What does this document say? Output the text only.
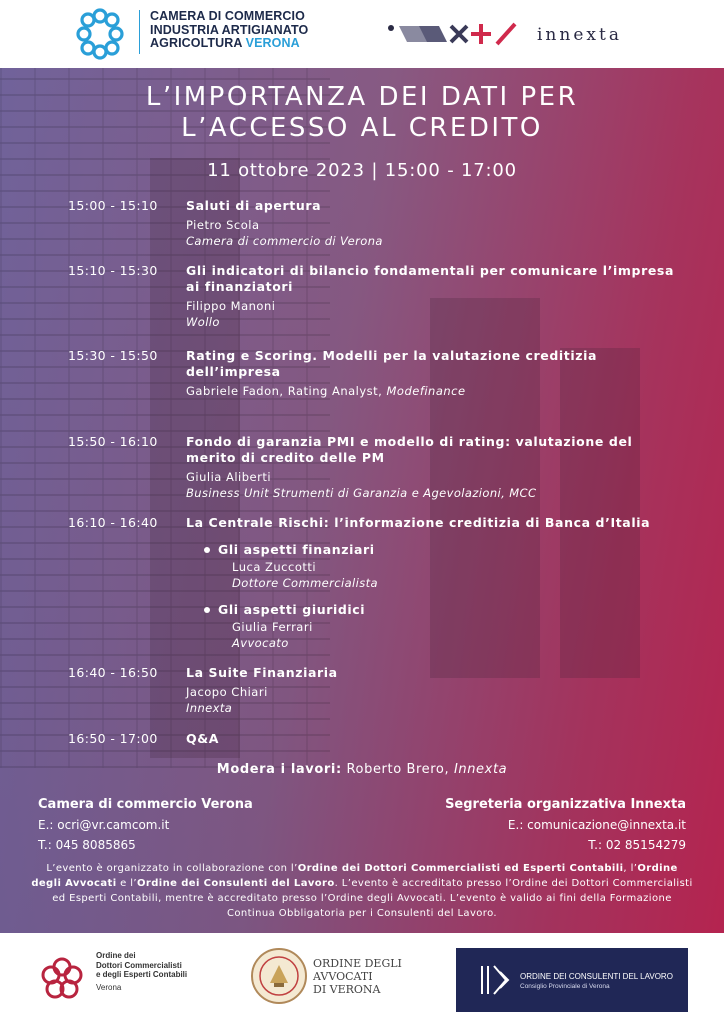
CAMERA DI COMMERCIO
INDUSTRIA ARTIGIANATO
AGRICOLTURA VERONA	innexta
L’IMPORTANZA DEI DATI PER
L’ACCESSO AL CREDITO
11 ottobre 2023 | 15:00 - 17:00
15:00 - 15:10 Saluti di apertura
Pietro Scola
Camera di commercio di Verona
15:10 - 15:30 Gli indicatori di bilancio fondamentali per comunicare l’impresa ai finanziatori
Filippo Manoni
Wollo
15:30 - 15:50 Rating e Scoring. Modelli per la valutazione creditizia dell’impresa
Gabriele Fadon, Rating Analyst, Modefinance
15:50 - 16:10 Fondo di garanzia PMI e modello di rating: valutazione del merito di credito delle PM
Giulia Aliberti
Business Unit Strumenti di Garanzia e Agevolazioni, MCC
16:10 - 16:40 La Centrale Rischi: l’informazione creditizia di Banca d’Italia
Gli aspetti finanziari
Luca Zuccotti
Dottore Commercialista
Gli aspetti giuridici
Giulia Ferrari
Avvocato
16:40 - 16:50 La Suite Finanziaria
Jacopo Chiari
Innexta
16:50 - 17:00 Q&A
Modera i lavori: Roberto Brero, Innexta
Camera di commercio Verona
E.: ocri@vr.camcom.it
T.: 045 8085865
Segreteria organizzativa Innexta
E.: comunicazione@innexta.it
T.: 02 85154279
L’evento è organizzato in collaborazione con l’Ordine dei Dottori Commercialisti ed Esperti Contabili, l’Ordine degli Avvocati e l’Ordine dei Consulenti del Lavoro. L’evento è accreditato presso l’Ordine dei Dottori Commercialisti ed Esperti Contabili, mentre è accreditato presso l’Ordine degli Avvocati. L’evento è valido ai fini della Formazione Continua Obbligatoria per i Consulenti del Lavoro.
Ordine dei
Dottori Commercialisti
e degli Esperti Contabili
Verona
ORDINE DEGLI
AVVOCATI
DI VERONA
ORDINE DEI CONSULENTI DEL LAVORO
Consiglio Provinciale di Verona
